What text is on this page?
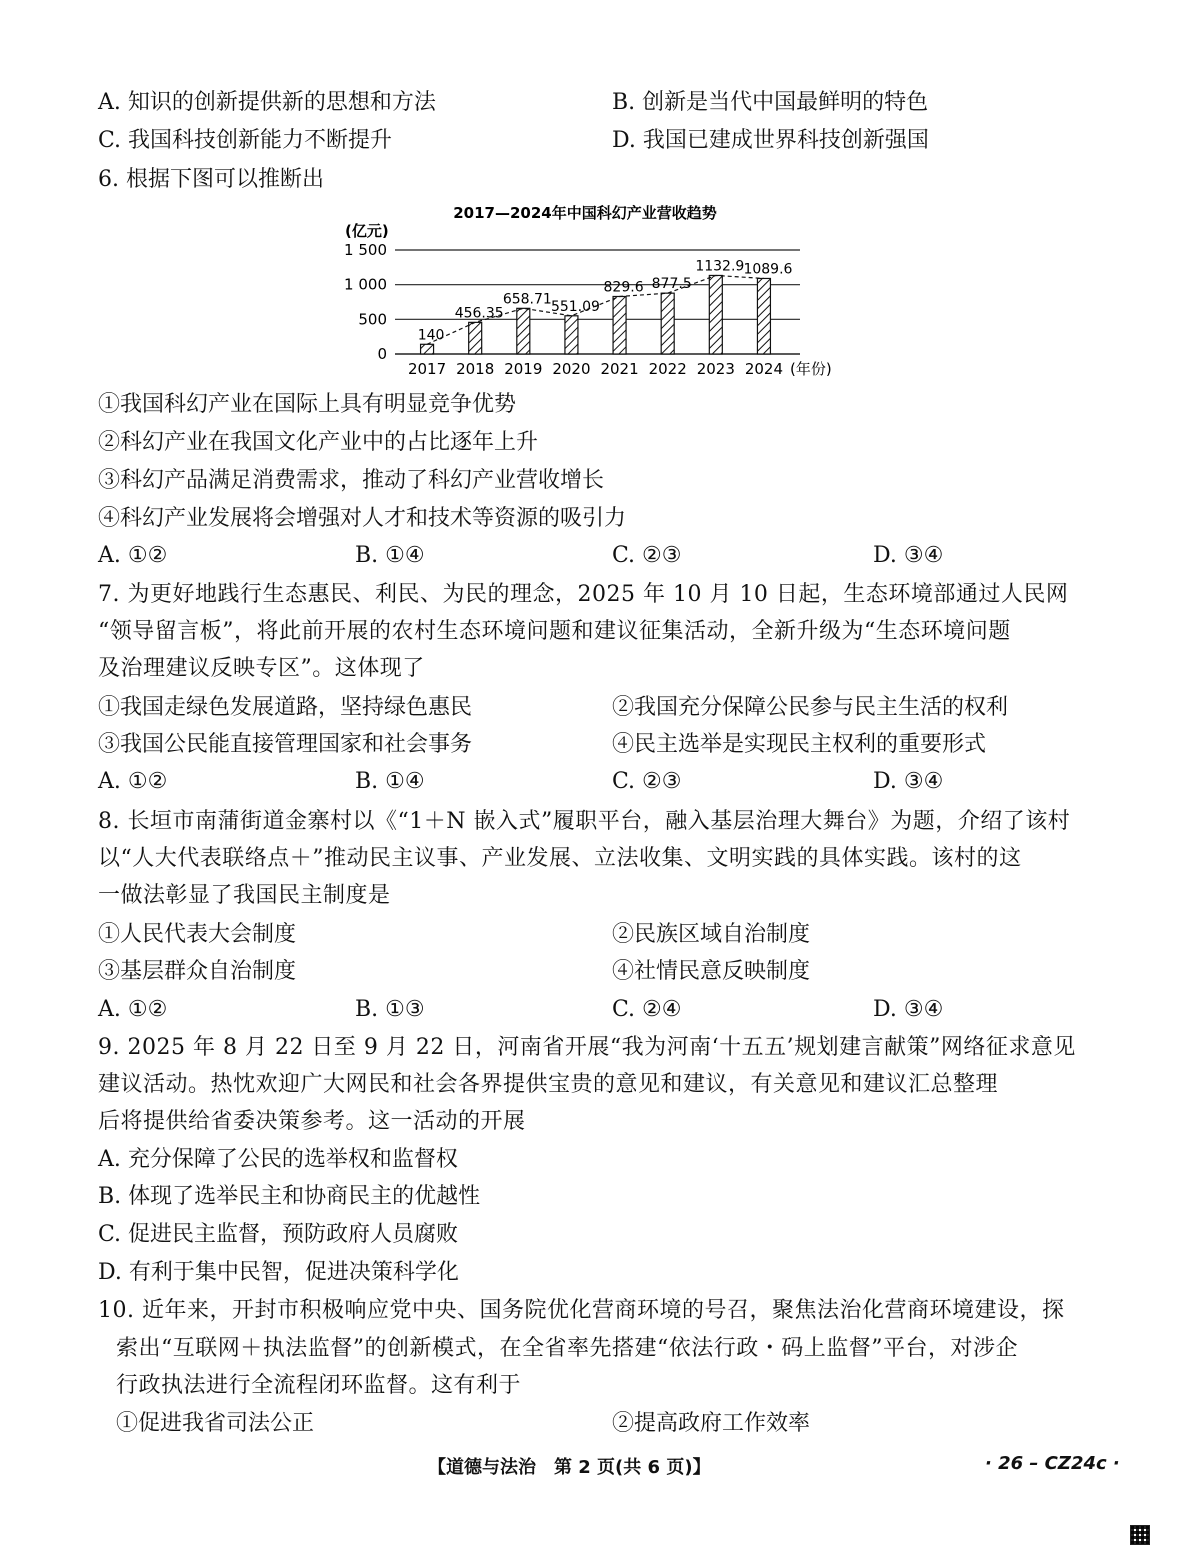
A. 知识的创新提供新的思想和方法	B. 创新是当代中国最鲜明的特色
C. 我国科技创新能力不断提升	D. 我国已建成世界科技创新强国
6. 根据下图可以推断出
2017—2024年中国科幻产业营收趋势
(亿元)
0
500
1 000
1 500
140
2017
456.35
2018
658.71
2019
551.09
2020
829.6
2021
877.5
2022
1132.9
2023
1089.6
2024 (年份)
①我国科幻产业在国际上具有明显竞争优势
②科幻产业在我国文化产业中的占比逐年上升
③科幻产品满足消费需求，推动了科幻产业营收增长
④科幻产业发展将会增强对人才和技术等资源的吸引力
A. ①②	B. ①④	C. ②③	D. ③④
7. 为更好地践行生态惠民、利民、为民的理念，2025 年 10 月 10 日起，生态环境部通过人民网
“领导留言板”，将此前开展的农村生态环境问题和建议征集活动，全新升级为“生态环境问题
及治理建议反映专区”。这体现了
①我国走绿色发展道路，坚持绿色惠民	②我国充分保障公民参与民主生活的权利
③我国公民能直接管理国家和社会事务	④民主选举是实现民主权利的重要形式
A. ①②	B. ①④	C. ②③	D. ③④
8. 长垣市南蒲街道金寨村以《“1＋N 嵌入式”履职平台，融入基层治理大舞台》为题，介绍了该村
以“人大代表联络点＋”推动民主议事、产业发展、立法收集、文明实践的具体实践。该村的这
一做法彰显了我国民主制度是
①人民代表大会制度	②民族区域自治制度
③基层群众自治制度	④社情民意反映制度
A. ①②	B. ①③	C. ②④	D. ③④
9. 2025 年 8 月 22 日至 9 月 22 日，河南省开展“我为河南‘十五五’规划建言献策”网络征求意见
建议活动。热忱欢迎广大网民和社会各界提供宝贵的意见和建议，有关意见和建议汇总整理
后将提供给省委决策参考。这一活动的开展
A. 充分保障了公民的选举权和监督权
B. 体现了选举民主和协商民主的优越性
C. 促进民主监督，预防政府人员腐败
D. 有利于集中民智，促进决策科学化
10. 近年来，开封市积极响应党中央、国务院优化营商环境的号召，聚焦法治化营商环境建设，探
索出“互联网＋执法监督”的创新模式，在全省率先搭建“依法行政・码上监督”平台，对涉企
行政执法进行全流程闭环监督。这有利于
①促进我省司法公正	②提高政府工作效率
【道德与法治　第 2 页(共 6 页)】	· 26 – CZ24c ·
